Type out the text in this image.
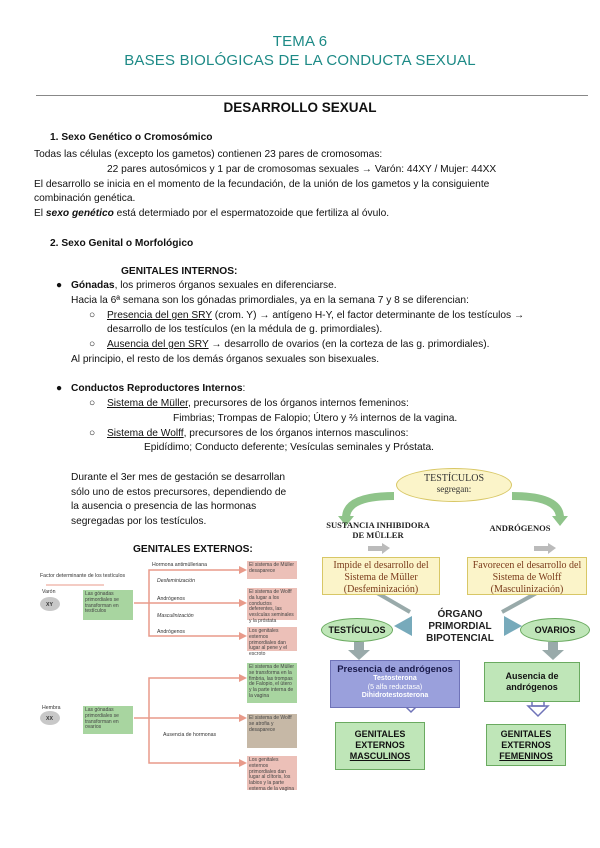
TEMA 6
BASES BIOLÓGICAS DE LA CONDUCTA SEXUAL
DESARROLLO SEXUAL
1. Sexo Genético o Cromosómico
Todas las células (excepto los gametos) contienen 23 pares de cromosomas:
22 pares autosómicos y 1 par de cromosomas sexuales → Varón: 44XY / Mujer: 44XX
El desarrollo se inicia en el momento de la fecundación, de la unión de los gametos y la consiguiente
combinación genética.
El sexo genético está determiado por el espermatozoide que fertiliza al óvulo.
2. Sexo Genital o Morfológico
GENITALES INTERNOS:
● Gónadas, los primeros órganos sexuales en diferenciarse.
Hacia la 6ª semana son los gónadas primordiales, ya en la semana 7 y 8 se diferencian:
○ Presencia del gen SRY (crom. Y) → antígeno H-Y, el factor determinante de los testículos →
desarrollo de los testículos (en la médula de g. primordiales).
○ Ausencia del gen SRY → desarrollo de ovarios (en la corteza de las g. primordiales).
Al principio, el resto de los demás órganos sexuales son bisexuales.
● Conductos Reproductores Internos:
○ Sistema de Müller, precursores de los órganos internos femeninos:
Fimbrias; Trompas de Falopio; Útero y ⅔ internos de la vagina.
○ Sistema de Wolff, precursores de los órganos internos masculinos:
Epidídimo; Conducto deferente; Vesículas seminales y Próstata.
Durante el 3er mes de gestación se desarrollan
sólo uno de estos precursores, dependiendo de
la ausencia o presencia de las hormonas
segregadas por los testículos.
GENITALES EXTERNOS:
TESTÍCULOS
segregan:
SUSTANCIA INHIBIDORA DE MÜLLER
ANDRÓGENOS
Impide el desarrollo del Sistema de Müller (Desfeminización)
Favorecen el desarrollo del Sistema de Wolff (Masculinización)
ÓRGANO PRIMORDIAL BIPOTENCIAL
TESTÍCULOS	OVARIOS
Presencia de andrógenos
Testosterona
(5 alfa reductasa)
Dihidrotestosterona
Ausencia de andrógenos
GENITALES EXTERNOS
MASCULINOS
GENITALES EXTERNOS
FEMENINOS
Factor determinante de los testículos
Varón
XY
Hembra
XX
Las gónadas primordiales se transforman en testículos
Las gónadas primordiales se transforman en ovarios
Hormona antimülleriana
Desfeminización
Andrógenos
Masculinización
Andrógenos
Ausencia de hormonas
El sistema de Müller desaparece
El sistema de Wolff da lugar a los conductos deferentes, las vesículas seminales y la próstata
Los genitales externos primordiales dan lugar al pene y el escroto
El sistema de Müller se transforma en la fimbria, las trompas de Falopio, el útero y la parte interna de la vagina
El sistema de Wolff se atrofia y desaparece
Los genitales externos primordiales dan lugar al clítoris, los labios y la parte externa de la vagina
